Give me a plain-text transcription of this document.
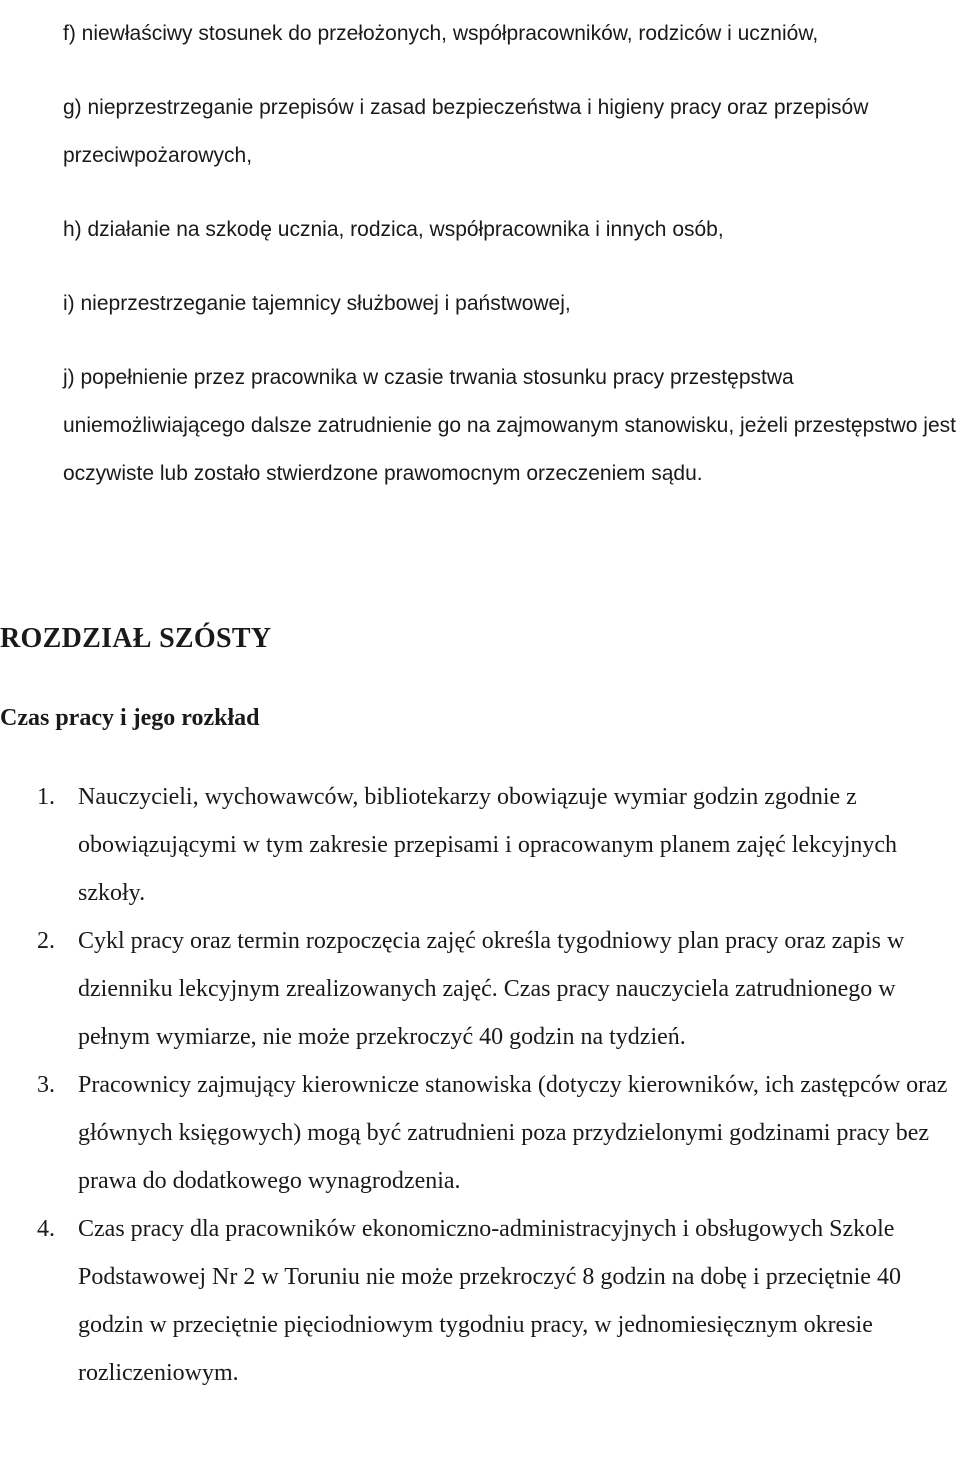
f) niewłaściwy stosunek do przełożonych, współpracowników, rodziców i uczniów,

g) nieprzestrzeganie przepisów i zasad bezpieczeństwa i higieny pracy oraz przepisów przeciwpożarowych,

h) działanie na szkodę ucznia, rodzica, współpracownika i innych osób,

i) nieprzestrzeganie tajemnicy służbowej i państwowej,

j) popełnienie przez pracownika w czasie trwania stosunku pracy przestępstwa uniemożliwiającego dalsze zatrudnienie go na zajmowanym stanowisku, jeżeli przestępstwo jest oczywiste lub zostało stwierdzone prawomocnym orzeczeniem sądu.

ROZDZIAŁ SZÓSTY
Czas pracy i jego rozkład
1. Nauczycieli, wychowawców, bibliotekarzy obowiązuje wymiar godzin zgodnie z obowiązującymi w tym zakresie przepisami i opracowanym planem zajęć lekcyjnych szkoły.
2. Cykl pracy oraz termin rozpoczęcia zajęć określa tygodniowy plan pracy oraz zapis w dzienniku lekcyjnym zrealizowanych zajęć. Czas pracy nauczyciela zatrudnionego w pełnym wymiarze, nie może przekroczyć 40 godzin na tydzień.
3. Pracownicy zajmujący kierownicze stanowiska (dotyczy kierowników, ich zastępców oraz głównych księgowych) mogą być zatrudnieni poza przydzielonymi godzinami pracy bez prawa do dodatkowego wynagrodzenia.
4. Czas pracy dla pracowników ekonomiczno-administracyjnych i obsługowych Szkole Podstawowej Nr 2 w Toruniu nie może przekroczyć 8 godzin na dobę i przeciętnie 40 godzin w przeciętnie pięciodniowym tygodniu pracy, w jednomiesięcznym okresie rozliczeniowym.
